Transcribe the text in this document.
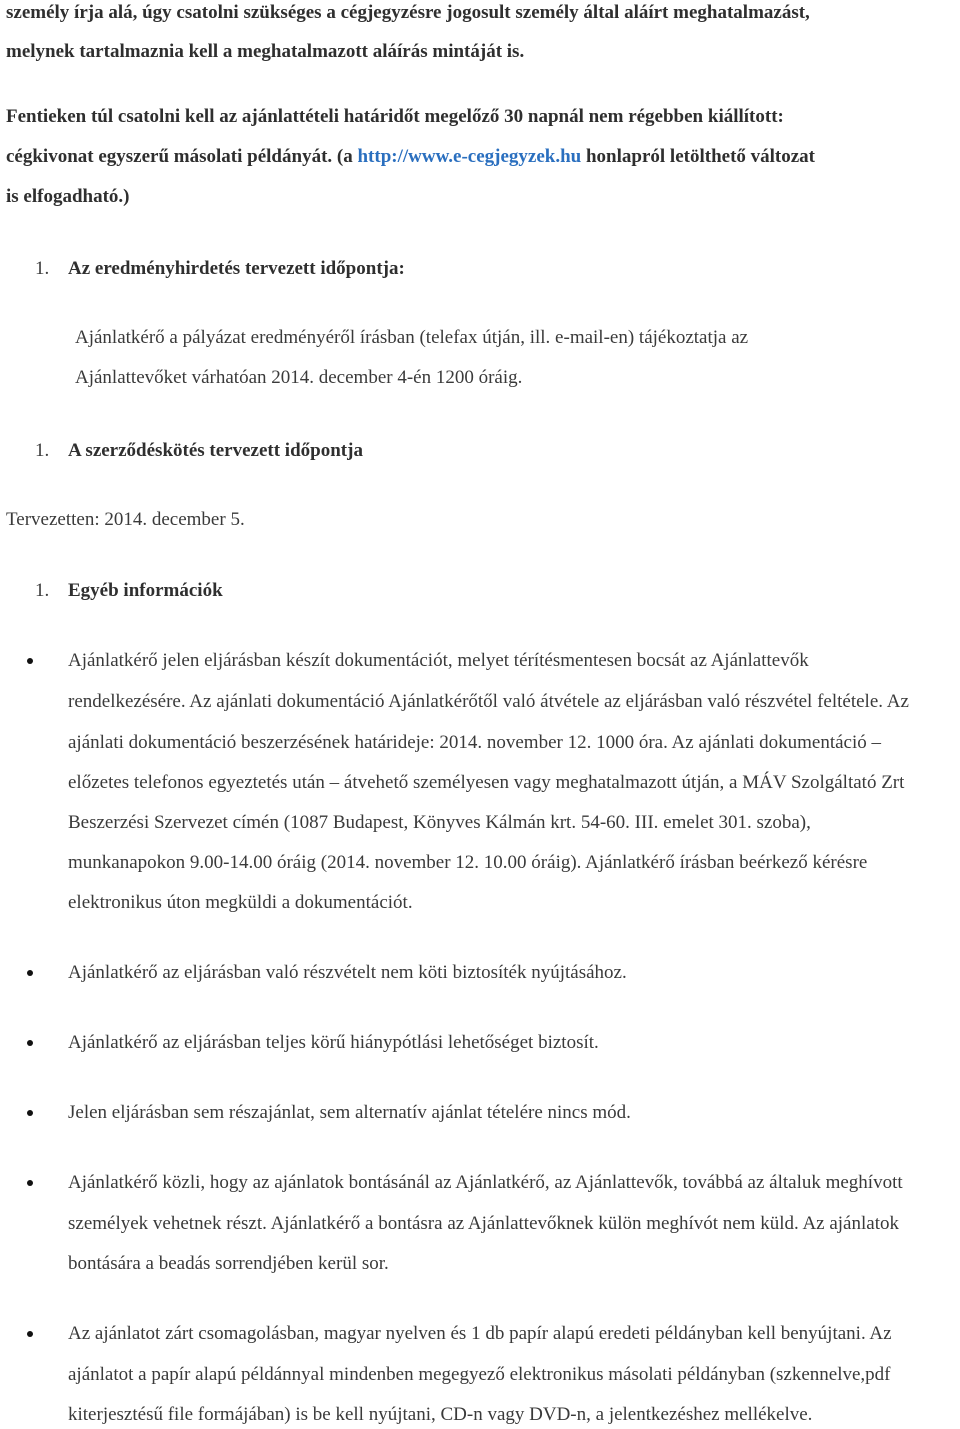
személy írja alá, úgy csatolni szükséges a cégjegyzésre jogosult személy által aláírt meghatalmazást,
melynek tartalmaznia kell a meghatalmazott aláírás mintáját is.
Fentieken túl csatolni kell az ajánlattételi határidőt megelőző 30 napnál nem régebben kiállított:
cégkivonat egyszerű másolati példányát. (a http://www.e-cegjegyzek.hu honlapról letölthető változat
is elfogadható.)
1. Az eredményhirdetés tervezett időpontja:
Ajánlatkérő a pályázat eredményéről írásban (telefax útján, ill. e-mail-en) tájékoztatja az
Ajánlattevőket várhatóan 2014. december 4-én 1200 óráig.
1. A szerződéskötés tervezett időpontja
Tervezetten: 2014. december 5.
1. Egyéb információk
Ajánlatkérő jelen eljárásban készít dokumentációt, melyet térítésmentesen bocsát az Ajánlattevők
rendelkezésére. Az ajánlati dokumentáció Ajánlatkérőtől való átvétele az eljárásban való részvétel feltétele. Az
ajánlati dokumentáció beszerzésének határideje: 2014. november 12. 1000 óra. Az ajánlati dokumentáció –
előzetes telefonos egyeztetés után – átvehető személyesen vagy meghatalmazott útján, a MÁV Szolgáltató Zrt
Beszerzési Szervezet címén (1087 Budapest, Könyves Kálmán krt. 54-60. III. emelet 301. szoba),
munkanapokon 9.00-14.00 óráig (2014. november 12. 10.00 óráig). Ajánlatkérő írásban beérkező kérésre
elektronikus úton megküldi a dokumentációt.
Ajánlatkérő az eljárásban való részvételt nem köti biztosíték nyújtásához.
Ajánlatkérő az eljárásban teljes körű hiánypótlási lehetőséget biztosít.
Jelen eljárásban sem részajánlat, sem alternatív ajánlat tételére nincs mód.
Ajánlatkérő közli, hogy az ajánlatok bontásánál az Ajánlatkérő, az Ajánlattevők, továbbá az általuk meghívott
személyek vehetnek részt. Ajánlatkérő a bontásra az Ajánlattevőknek külön meghívót nem küld. Az ajánlatok
bontására a beadás sorrendjében kerül sor.
Az ajánlatot zárt csomagolásban, magyar nyelven és 1 db papír alapú eredeti példányban kell benyújtani. Az
ajánlatot a papír alapú példánnyal mindenben megegyező elektronikus másolati példányban (szkennelve,pdf
kiterjesztésű file formájában) is be kell nyújtani, CD-n vagy DVD-n, a jelentkezéshez mellékelve.
